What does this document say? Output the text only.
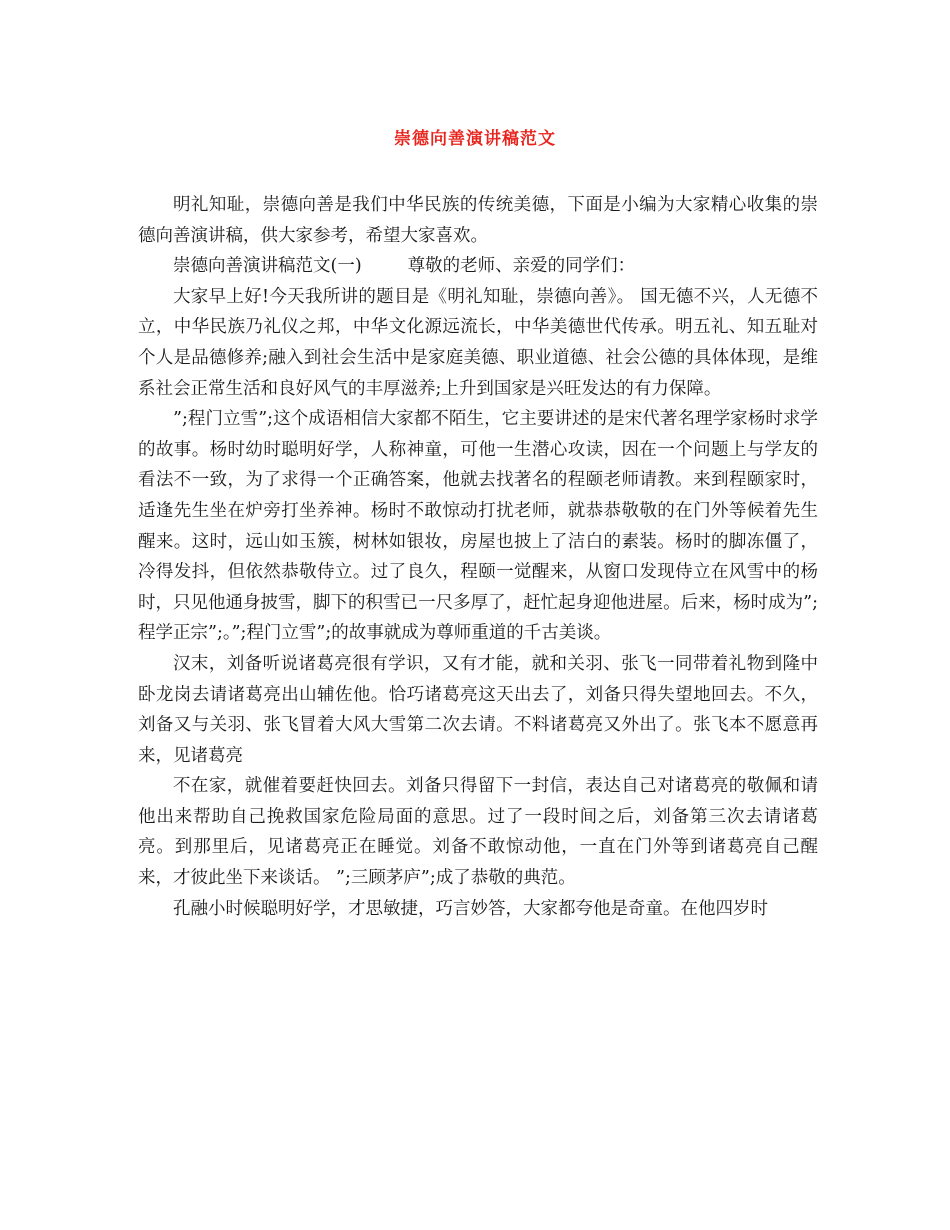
崇德向善演讲稿范文

明礼知耻，崇德向善是我们中华民族的传统美德，下面是小编为大家精心收集的崇德向善演讲稿，供大家参考，希望大家喜欢。

崇德向善演讲稿范文(一)	尊敬的老师、亲爱的同学们：

大家早上好!今天我所讲的题目是《明礼知耻，崇德向善》。 国无德不兴，人无德不立，中华民族乃礼仪之邦，中华文化源远流长，中华美德世代传承。明五礼、知五耻对个人是品德修养;融入到社会生活中是家庭美德、职业道德、社会公德的具体体现，是维系社会正常生活和良好风气的丰厚滋养;上升到国家是兴旺发达的有力保障。

”;程门立雪”;这个成语相信大家都不陌生，它主要讲述的是宋代著名理学家杨时求学的故事。杨时幼时聪明好学，人称神童，可他一生潜心攻读，因在一个问题上与学友的看法不一致，为了求得一个正确答案，他就去找著名的程颐老师请教。来到程颐家时，适逢先生坐在炉旁打坐养神。杨时不敢惊动打扰老师，就恭恭敬敬的在门外等候着先生醒来。这时，远山如玉簇，树林如银妆，房屋也披上了洁白的素装。杨时的脚冻僵了，冷得发抖，但依然恭敬侍立。过了良久，程颐一觉醒来，从窗口发现侍立在风雪中的杨时，只见他通身披雪，脚下的积雪已一尺多厚了，赶忙起身迎他进屋。后来，杨时成为”;程学正宗”;。”;程门立雪”;的故事就成为尊师重道的千古美谈。

汉末，刘备听说诸葛亮很有学识，又有才能，就和关羽、张飞一同带着礼物到隆中卧龙岗去请诸葛亮出山辅佐他。恰巧诸葛亮这天出去了，刘备只得失望地回去。不久，刘备又与关羽、张飞冒着大风大雪第二次去请。不料诸葛亮又外出了。张飞本不愿意再来，见诸葛亮

不在家，就催着要赶快回去。刘备只得留下一封信，表达自己对诸葛亮的敬佩和请他出来帮助自己挽救国家危险局面的意思。过了一段时间之后，刘备第三次去请诸葛亮。到那里后，见诸葛亮正在睡觉。刘备不敢惊动他，一直在门外等到诸葛亮自己醒来，才彼此坐下来谈话。 ”;三顾茅庐”;成了恭敬的典范。

孔融小时候聪明好学，才思敏捷，巧言妙答，大家都夸他是奇童。在他四岁时
